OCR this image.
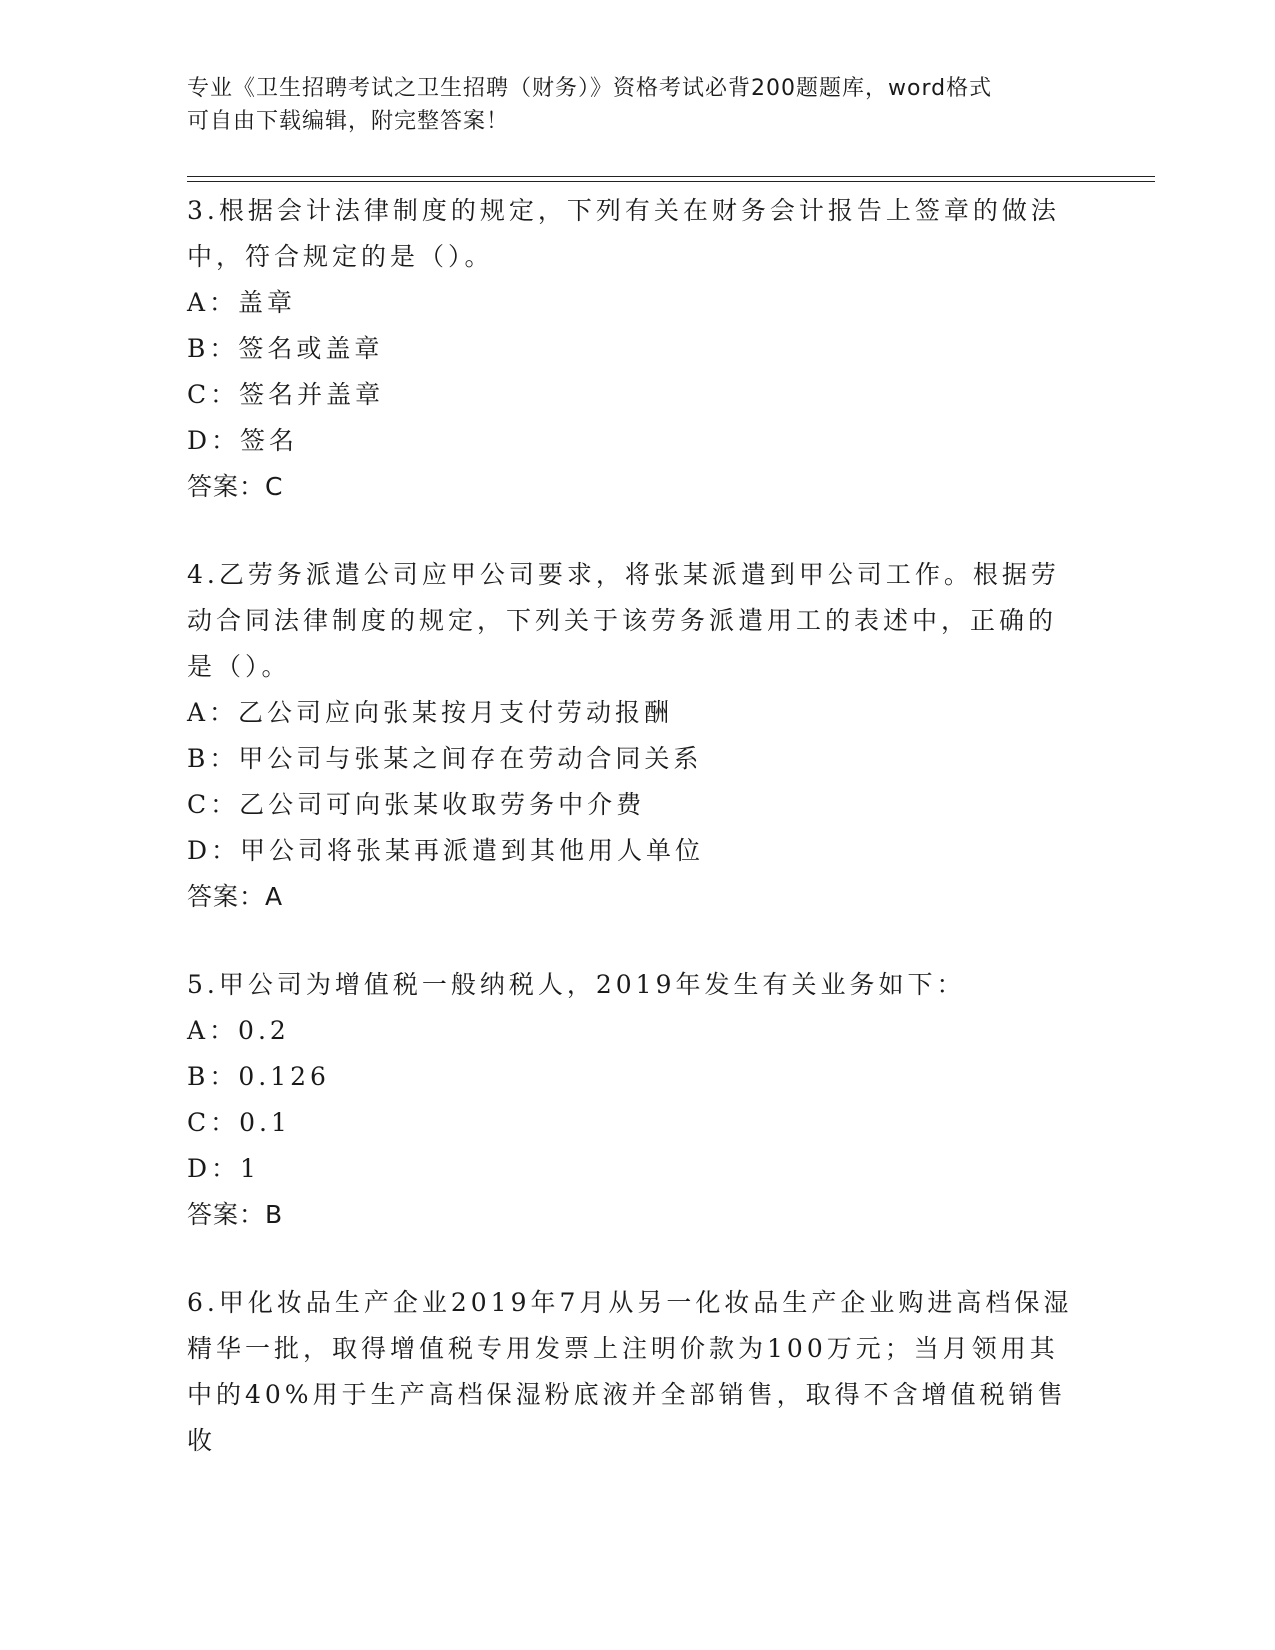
专业《卫生招聘考试之卫生招聘（财务）》资格考试必背200题题库，word格式
可自由下载编辑，附完整答案！
3.根据会计法律制度的规定，下列有关在财务会计报告上签章的做法
中，符合规定的是（）。
A：盖章
B：签名或盖章
C：签名并盖章
D：签名
答案：C
4.乙劳务派遣公司应甲公司要求，将张某派遣到甲公司工作。根据劳
动合同法律制度的规定，下列关于该劳务派遣用工的表述中，正确的
是（）。
A：乙公司应向张某按月支付劳动报酬
B：甲公司与张某之间存在劳动合同关系
C：乙公司可向张某收取劳务中介费
D：甲公司将张某再派遣到其他用人单位
答案：A
5.甲公司为增值税一般纳税人，2019年发生有关业务如下：
A：0.2
B：0.126
C：0.1
D：1
答案：B
6.甲化妆品生产企业2019年7月从另一化妆品生产企业购进高档保湿
精华一批，取得增值税专用发票上注明价款为100万元；当月领用其
中的40%用于生产高档保湿粉底液并全部销售，取得不含增值税销售收
